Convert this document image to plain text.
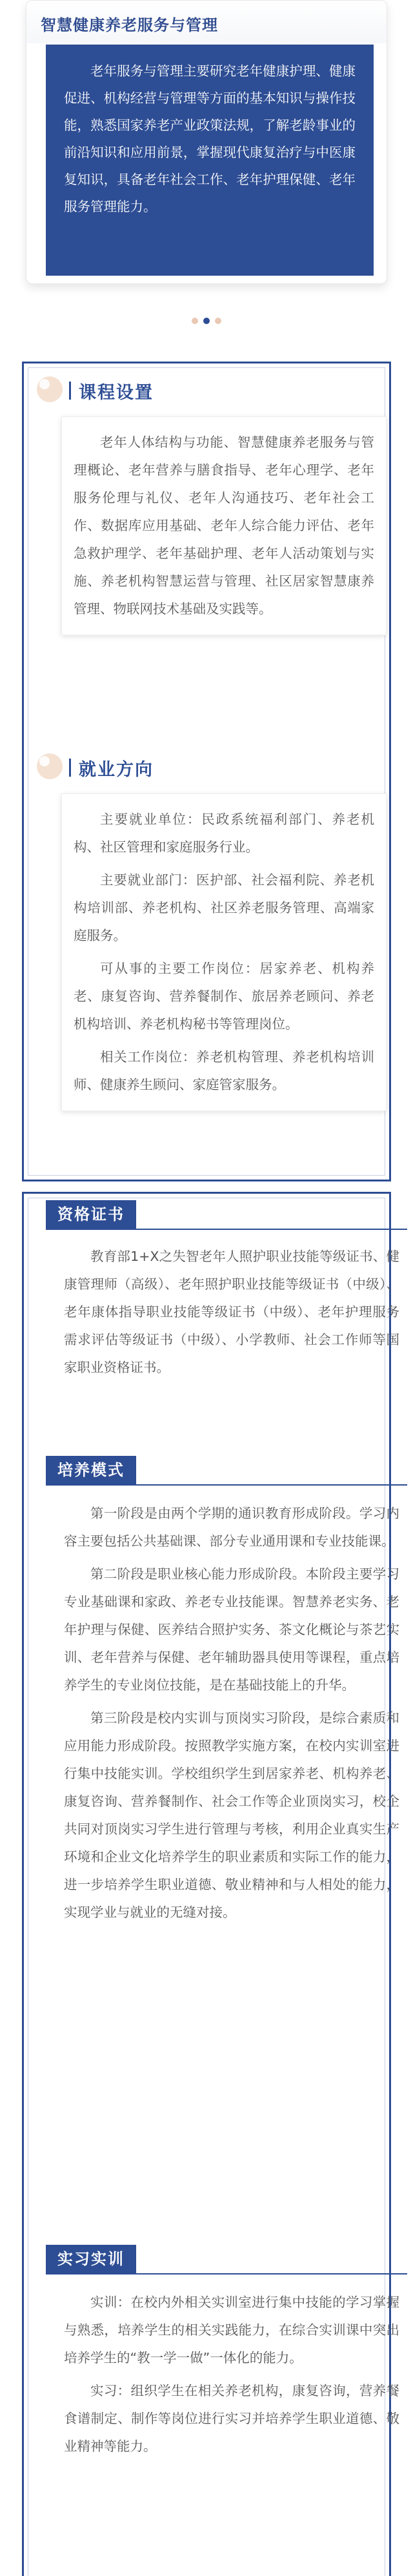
智慧健康养老服务与管理
老年服务与管理主要研究老年健康护理、健康促进、机构经营与管理等方面的基本知识与操作技能，熟悉国家养老产业政策法规，了解老龄事业的前沿知识和应用前景，掌握现代康复治疗与中医康复知识，具备老年社会工作、老年护理保健、老年服务管理能力。
课程设置

老年人体结构与功能、智慧健康养老服务与管理概论、老年营养与膳食指导、老年心理学、老年服务伦理与礼仪、老年人沟通技巧、老年社会工作、数据库应用基础、老年人综合能力评估、老年急救护理学、老年基础护理、老年人活动策划与实施、养老机构智慧运营与管理、社区居家智慧康养管理、物联网技术基础及实践等。

就业方向

主要就业单位：民政系统福利部门、养老机构、社区管理和家庭服务行业。

主要就业部门：医护部、社会福利院、养老机构培训部、养老机构、社区养老服务管理、高端家庭服务。

可从事的主要工作岗位：居家养老、机构养老、康复咨询、营养餐制作、旅居养老顾问、养老机构培训、养老机构秘书等管理岗位。

相关工作岗位：养老机构管理、养老机构培训师、健康养生顾问、家庭管家服务。

资格证书

教育部1+X之失智老年人照护职业技能等级证书、健康管理师（高级）、老年照护职业技能等级证书（中级）、老年康体指导职业技能等级证书（中级）、老年护理服务需求评估等级证书（中级）、小学教师、社会工作师等国家职业资格证书。

培养模式

第一阶段是由两个学期的通识教育形成阶段。学习内容主要包括公共基础课、部分专业通用课和专业技能课。

第二阶段是职业核心能力形成阶段。本阶段主要学习专业基础课和家政、养老专业技能课。智慧养老实务、老年护理与保健、医养结合照护实务、茶文化概论与茶艺实训、老年营养与保健、老年辅助器具使用等课程，重点培养学生的专业岗位技能，是在基础技能上的升华。

第三阶段是校内实训与顶岗实习阶段，是综合素质和应用能力形成阶段。按照教学实施方案，在校内实训室进行集中技能实训。学校组织学生到居家养老、机构养老、康复咨询、营养餐制作、社会工作等企业顶岗实习，校企共同对顶岗实习学生进行管理与考核，利用企业真实生产环境和企业文化培养学生的职业素质和实际工作的能力，进一步培养学生职业道德、敬业精神和与人相处的能力，实现学业与就业的无缝对接。

实习实训

实训：在校内外相关实训室进行集中技能的学习掌握与熟悉，培养学生的相关实践能力，在综合实训课中突出培养学生的“教一学一做”一体化的能力。

实习：组织学生在相关养老机构，康复咨询，营养餐食谱制定、制作等岗位进行实习并培养学生职业道德、敬业精神等能力。
